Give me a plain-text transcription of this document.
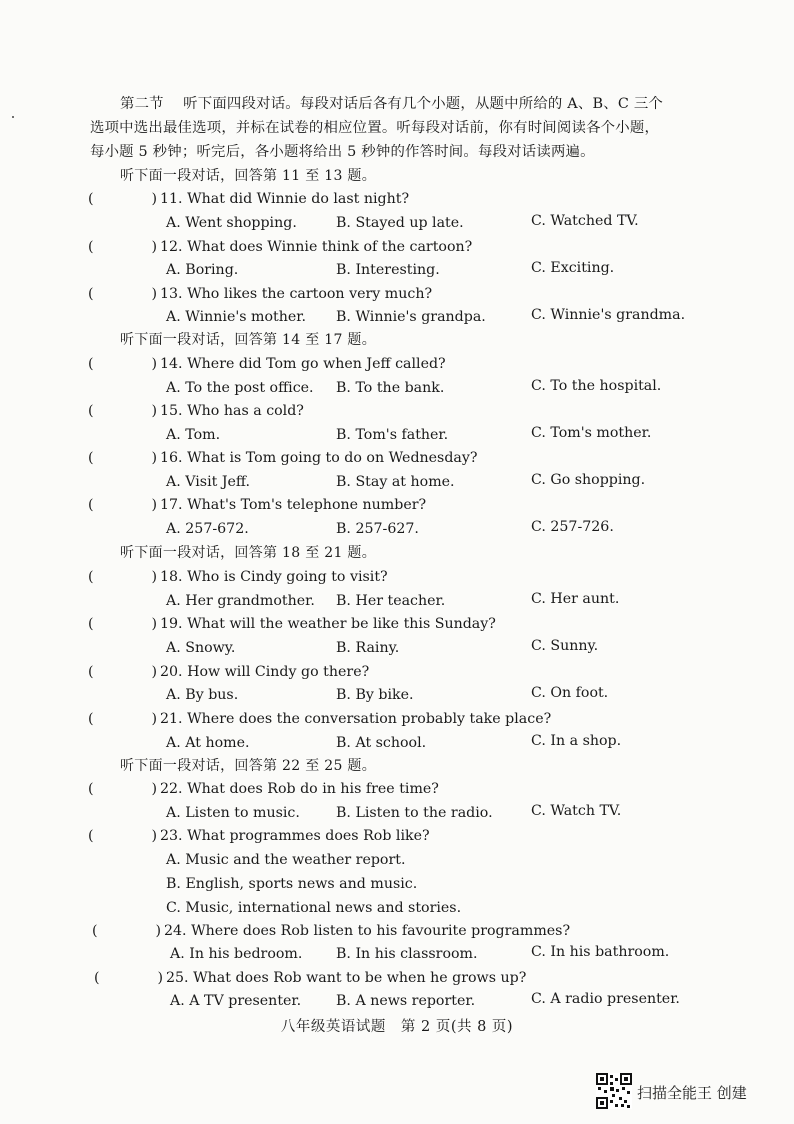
第二节　 听下面四段对话。每段对话后各有几个小题，从题中所给的 A、B、C 三个
选项中选出最佳选项，并标在试卷的相应位置。听每段对话前，你有时间阅读各个小题，
每小题 5 秒钟；听完后，各小题将给出 5 秒钟的作答时间。每段对话读两遍。
听下面一段对话，回答第 11 至 13 题。
(	) 11. What did Winnie do last night?
A. Went shopping.	B. Stayed up late.	C. Watched TV.
(	) 12. What does Winnie think of the cartoon?
A. Boring.	B. Interesting.	C. Exciting.
(	) 13. Who likes the cartoon very much?
A. Winnie's mother. B. Winnie's grandpa.	C. Winnie's grandma.
听下面一段对话，回答第 14 至 17 题。
(	) 14. Where did Tom go when Jeff called?
A. To the post office. B. To the bank.	C. To the hospital.
(	) 15. Who has a cold?
A. Tom.	B. Tom's father.	C. Tom's mother.
(	) 16. What is Tom going to do on Wednesday?
A. Visit Jeff.	B. Stay at home.	C. Go shopping.
(	) 17. What's Tom's telephone number?
A. 257-672.	B. 257-627.	C. 257-726.
听下面一段对话，回答第 18 至 21 题。
(	) 18. Who is Cindy going to visit?
A. Her grandmother. B. Her teacher.	C. Her aunt.
(	) 19. What will the weather be like this Sunday?
A. Snowy.	B. Rainy.	C. Sunny.
(	) 20. How will Cindy go there?
A. By bus.	B. By bike.	C. On foot.
(	) 21. Where does the conversation probably take place?
A. At home.	B. At school.	C. In a shop.
听下面一段对话，回答第 22 至 25 题。
(	) 22. What does Rob do in his free time?
A. Listen to music.	B. Listen to the radio.	C. Watch TV.
(	) 23. What programmes does Rob like?
A. Music and the weather report.
B. English, sports news and music.
C. Music, international news and stories.
(	) 24. Where does Rob listen to his favourite programmes?
A. In his bedroom. B. In his classroom.	C. In his bathroom.
(	) 25. What does Rob want to be when he grows up?
A. A TV presenter. B. A news reporter.	C. A radio presenter.
八年级英语试题　第 2 页(共 8 页)
扫描全能王 创建
